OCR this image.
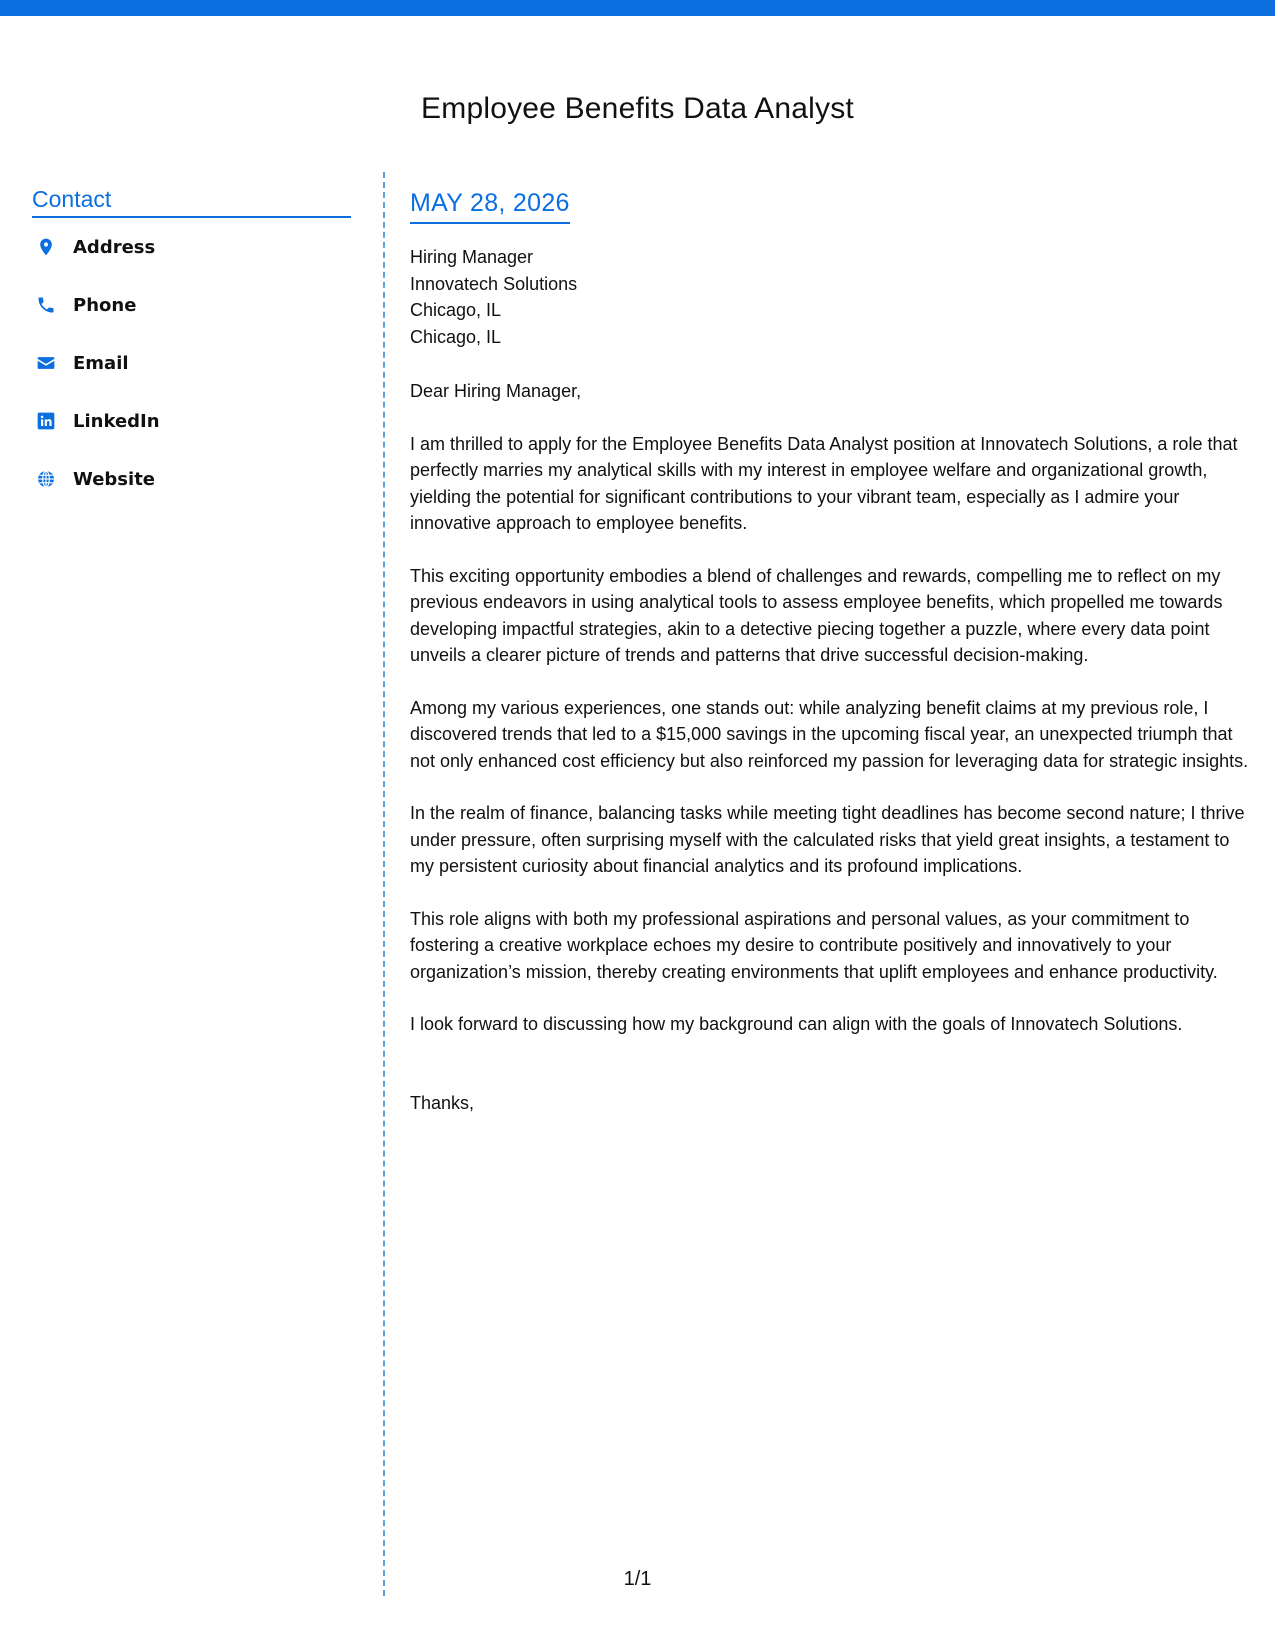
Employee Benefits Data Analyst
Contact
Address
Phone
Email
LinkedIn
Website
MAY 28, 2026
Hiring Manager
Innovatech Solutions
Chicago, IL
Chicago, IL
Dear Hiring Manager,
I am thrilled to apply for the Employee Benefits Data Analyst position at Innovatech Solutions, a role that perfectly marries my analytical skills with my interest in employee welfare and organizational growth, yielding the potential for significant contributions to your vibrant team, especially as I admire your innovative approach to employee benefits.
This exciting opportunity embodies a blend of challenges and rewards, compelling me to reflect on my previous endeavors in using analytical tools to assess employee benefits, which propelled me towards developing impactful strategies, akin to a detective piecing together a puzzle, where every data point unveils a clearer picture of trends and patterns that drive successful decision-making.
Among my various experiences, one stands out: while analyzing benefit claims at my previous role, I discovered trends that led to a $15,000 savings in the upcoming fiscal year, an unexpected triumph that not only enhanced cost efficiency but also reinforced my passion for leveraging data for strategic insights.
In the realm of finance, balancing tasks while meeting tight deadlines has become second nature; I thrive under pressure, often surprising myself with the calculated risks that yield great insights, a testament to my persistent curiosity about financial analytics and its profound implications.
This role aligns with both my professional aspirations and personal values, as your commitment to fostering a creative workplace echoes my desire to contribute positively and innovatively to your organization’s mission, thereby creating environments that uplift employees and enhance productivity.
I look forward to discussing how my background can align with the goals of Innovatech Solutions.
Thanks,
1/1
